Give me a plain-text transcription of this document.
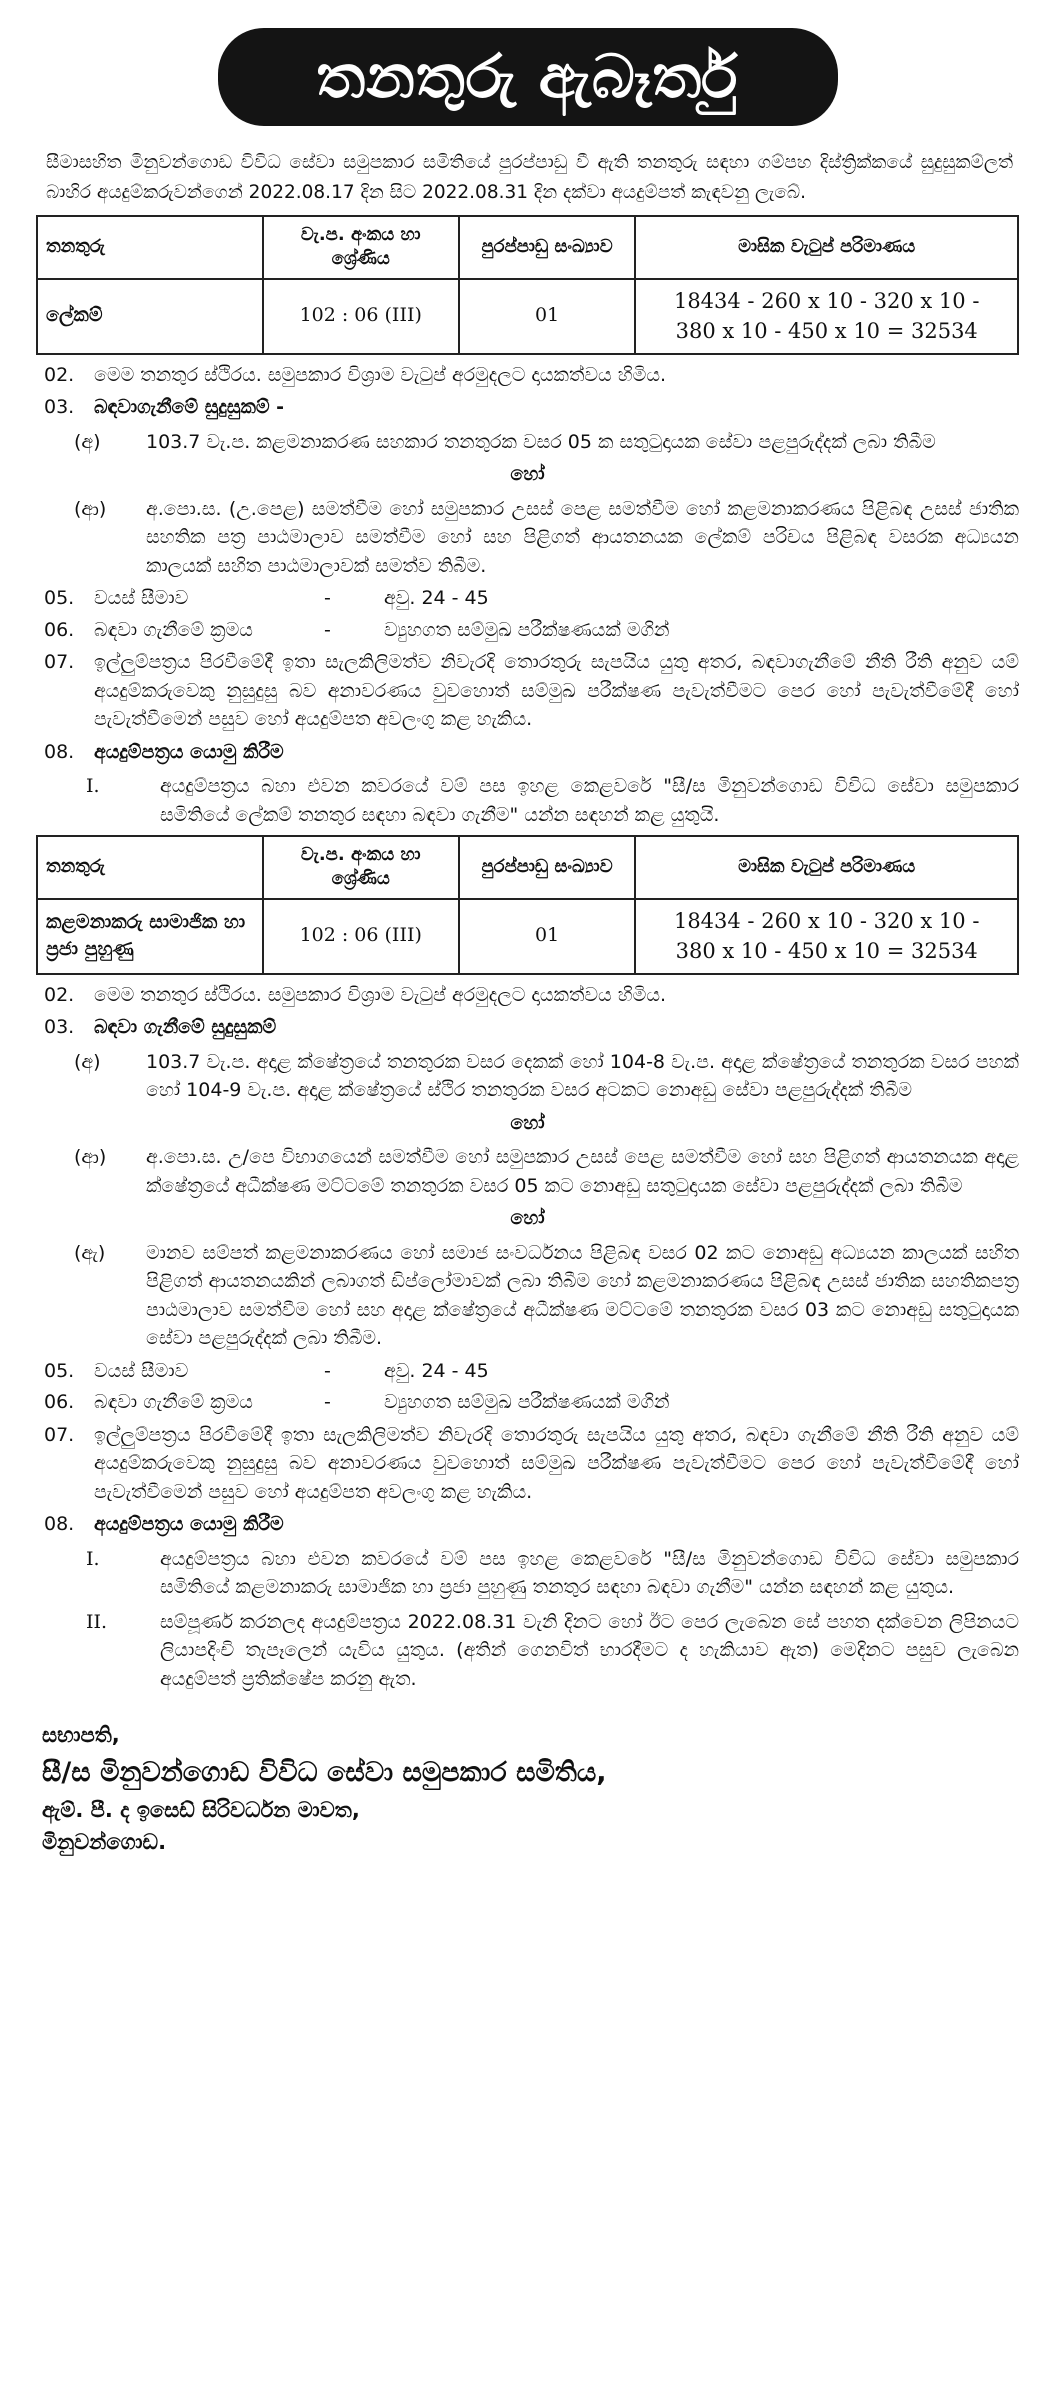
තනතුරු ඇබෑර්තු
සීමාසහිත මිනුවන්ගොඩ විවිධ සේවා සමුපකාර සමිතියේ පුරප්පාඩු වී ඇති තනතුරු සඳහා ගම්පහ දිස්ත්‍රික්කයේ සුදුසුකම්ලත් බාහිර අයදුම්කරුවන්ගෙන් 2022.08.17 දින සිට 2022.08.31 දින දක්වා අයදුම්පත් කැඳවනු ලැබේ.
තනතුරු	වැ.ප. අංකය හා ශ්‍රේණිය	පුරප්පාඩු සංඛ්‍යාව	මාසික වැටුප් පරිමාණය
ලේකම්	102 : 06 (III)	01	18434 - 260 x 10 - 320 x 10 -
380 x 10 - 450 x 10 = 32534
02.	මෙම තනතුර ස්ථිරය. සමුපකාර විශ්‍රාම වැටුප් අරමුදලට දායකත්වය හිමිය.
03.	බඳවාගැනීමේ සුදුසුකම් -
(අ)	103.7 වැ.ප. කළමනාකරණ සහකාර තනතුරක වසර 05 ක සතුටුදායක සේවා පළපුරුද්දක් ලබා තිබීම
හෝ
(ආ)	අ.පො.ස. (උ.පෙළ) සමත්වීම හෝ සමුපකාර උසස් පෙළ සමත්වීම හෝ කළමනාකරණය පිළිබඳ උසස් ජාතික සහතික පත්‍ර පාඨමාලාව සමත්වීම හෝ සහ පිළිගත් ආයතනයක ලේකම් පරිචය පිළිබඳ වසරක අධ්‍යයන කාලයක් සහිත පාඨමාලාවක් සමත්ව තිබීම.
05.	වයස් සීමාව	-	අවු. 24 - 45
06.	බඳවා ගැනීමේ ක්‍රමය	-	ව්‍යුහගත සම්මුඛ පරීක්ෂණයක් මගින්
07.	ඉල්ලුම්පත්‍රය පිරවීමේදී ඉතා සැලකිලිමත්ව නිවැරදි තොරතුරු සැපයිය යුතු අතර, බඳවාගැනීමේ නීති රීති අනුව යම් අයදුම්කරුවෙකු නුසුදුසු බව අනාවරණය වුවහොත් සම්මුඛ පරීක්ෂණ පැවැත්වීමට පෙර හෝ පැවැත්වීමේදී හෝ පැවැත්වීමෙන් පසුව හෝ අයදුම්පත අවලංගු කළ හැකිය.
08.	අයදුම්පත්‍රය යොමු කිරීම
I.	අයදුම්පත්‍රය බහා එවන කවරයේ වම් පස ඉහළ කෙළවරේ "සී/ස මිනුවන්ගොඩ විවිධ සේවා සමුපකාර සමිතියේ ලේකම් තනතුර සඳහා බඳවා ගැනීම" යන්න සඳහන් කළ යුතුයි.
තනතුරු	වැ.ප. අංකය හා ශ්‍රේණිය	පුරප්පාඩු සංඛ්‍යාව	මාසික වැටුප් පරිමාණය
කළමනාකරු සාමාජික හා ප්‍රජා පුහුණු	102 : 06 (III)	01	18434 - 260 x 10 - 320 x 10 -
380 x 10 - 450 x 10 = 32534
02.	මෙම තනතුර ස්ථිරය. සමුපකාර විශ්‍රාම වැටුප් අරමුදලට දායකත්වය හිමිය.
03.	බඳවා ගැනීමේ සුදුසුකම්
(අ)	103.7 වැ.ප. අදාළ ක්ෂේත්‍රයේ තනතුරක වසර දෙකක් හෝ 104-8 වැ.ප. අදාළ ක්ෂේත්‍රයේ තනතුරක වසර පහක් හෝ 104-9 වැ.ප. අදාළ ක්ෂේත්‍රයේ ස්ථිර තනතුරක වසර අටකට නොඅඩු සේවා පළපුරුද්දක් තිබීම
හෝ
(ආ)	අ.පො.ස. උ/පෙ විභාගයෙන් සමත්වීම හෝ සමුපකාර උසස් පෙළ සමත්වීම හෝ සහ පිළිගත් ආයතනයක අදාළ ක්ෂේත්‍රයේ අධීක්ෂණ මට්ටමේ තනතුරක වසර 05 කට නොඅඩු සතුටුදායක සේවා පළපුරුද්දක් ලබා තිබීම
හෝ
(ඇ)	මානව සම්පත් කළමනාකරණය හෝ සමාජ සංවර්ධනය පිළිබඳ වසර 02 කට නොඅඩු අධ්‍යයන කාලයක් සහිත පිළිගත් ආයතනයකින් ලබාගත් ඩිප්ලෝමාවක් ලබා තිබීම හෝ කළමනාකරණය පිළිබඳ උසස් ජාතික සහතිකපත්‍ර පාඨමාලාව සමත්වීම හෝ සහ අදාළ ක්ෂේත්‍රයේ අධීක්ෂණ මට්ටමේ තනතුරක වසර 03 කට නොඅඩු සතුටුදායක සේවා පළපුරුද්දක් ලබා තිබීම.
05.	වයස් සීමාව	-	අවු. 24 - 45
06.	බඳවා ගැනීමේ ක්‍රමය	-	ව්‍යුහගත සම්මුඛ පරීක්ෂණයක් මගින්
07.	ඉල්ලුම්පත්‍රය පිරවීමේදී ඉතා සැලකිලිමත්ව නිවැරදි තොරතුරු සැපයිය යුතු අතර, බඳවා ගැනීමේ නීති රීති අනුව යම් අයදුම්කරුවෙකු නුසුදුසු බව අනාවරණය වුවහොත් සම්මුඛ පරීක්ෂණ පැවැත්වීමට පෙර හෝ පැවැත්වීමේදී හෝ පැවැත්වීමෙන් පසුව හෝ අයදුම්පත අවලංගු කළ හැකිය.
08.	අයදුම්පත්‍රය යොමු කිරීම
I.	අයදුම්පත්‍රය බහා එවන කවරයේ වම් පස ඉහළ කෙළවරේ "සී/ස මිනුවන්ගොඩ විවිධ සේවා සමුපකාර සමිතියේ කළමනාකරු සාමාජික හා ප්‍රජා පුහුණු තනතුර සඳහා බඳවා ගැනීම" යන්න සඳහන් කළ යුතුය.
II.	සම්පූර්ණ කරනලද අයදුම්පත්‍රය 2022.08.31 වැනි දිනට හෝ ඊට පෙර ලැබෙන සේ පහත දක්වෙන ලිපිනයට ලියාපදිංචි තැපෑලෙන් යැවිය යුතුය. (අතින් ගෙනවිත් භාරදීමට ද හැකියාව ඇත) මෙදිනට පසුව ලැබෙන අයදුම්පත් ප්‍රතික්ෂේප කරනු ඇත.
සභාපති,
සී/ස මිනුවන්ගොඩ විවිධ සේවා සමුපකාර සමිතිය,
ඇම්. පී. ද ඉසෙඩ් සිරිවර්ධන මාවත,
මිනුවන්ගොඩ.
